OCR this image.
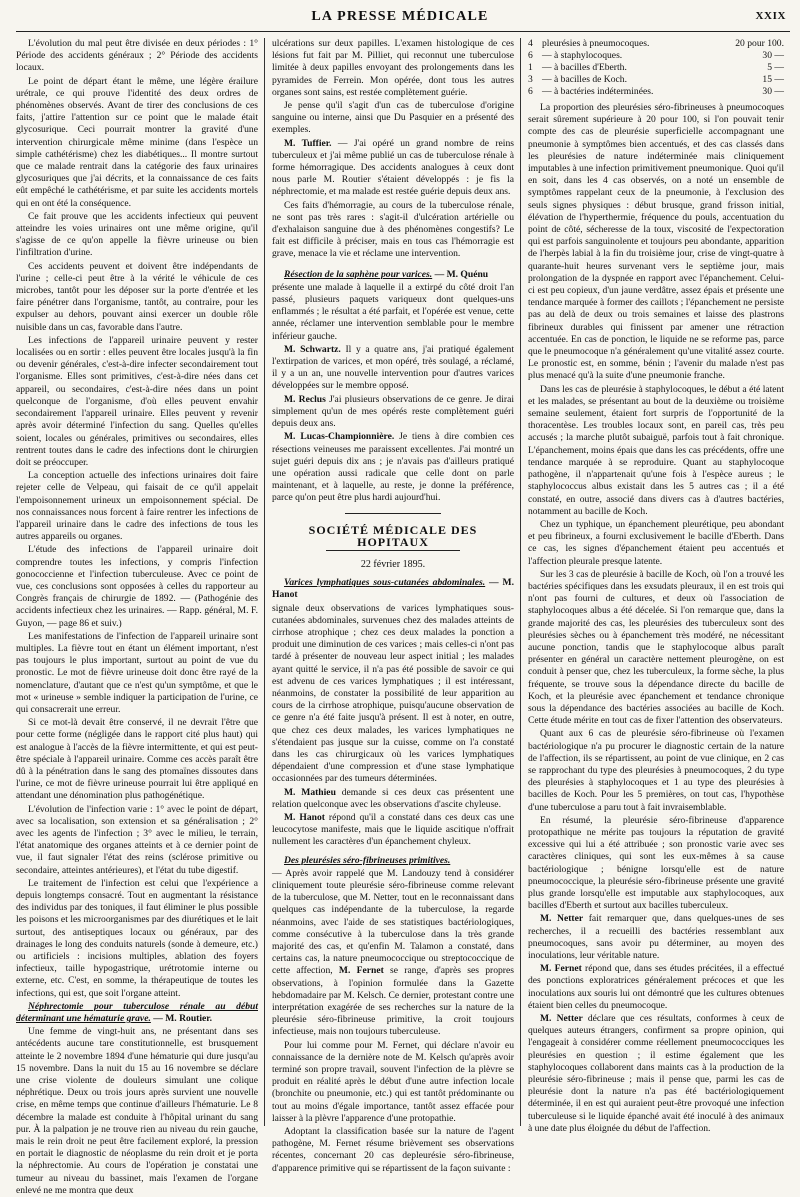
LA PRESSE MÉDICALE	XXIX

L'évolution du mal peut être divisée en deux périodes : 1° Période des accidents généraux ; 2° Période des accidents locaux.

Le point de départ étant le même, une légère érailure urétrale, ce qui prouve l'identité des deux ordres de phénomènes observés. Avant de tirer des conclusions de ces faits, j'attire l'attention sur ce point que le malade était glycosurique. Ceci pourrait montrer la gravité d'une intervention chirurgicale même minime (dans l'espèce un simple cathétérisme) chez les diabétiques... Il montre surtout que ce malade rentrait dans la catégorie des faux urinaires glycosuriques que j'ai décrits, et la connaissance de ces faits eût empêché le cathétérisme, et par suite les accidents mortels qui en ont été la conséquence.

Ce fait prouve que les accidents infectieux qui peuvent atteindre les voies urinaires ont une même origine, qu'il s'agisse de ce qu'on appelle la fièvre urineuse ou bien l'infiltration d'urine.

Ces accidents peuvent et doivent être indépendants de l'urine ; celle-ci peut être à la vérité le véhicule de ces microbes, tantôt pour les déposer sur la porte d'entrée et les faire pénétrer dans l'organisme, tantôt, au contraire, pour les expulser au dehors, pouvant ainsi exercer un double rôle nuisible dans un cas, favorable dans l'autre.

Les infections de l'appareil urinaire peuvent y rester localisées ou en sortir : elles peuvent être locales jusqu'à la fin ou devenir générales, c'est-à-dire infecter secondairement tout l'organisme. Elles sont primitives, c'est-à-dire nées dans cet appareil, ou secondaires, c'est-à-dire nées dans un point quelconque de l'organisme, d'où elles peuvent envahir secondairement l'appareil urinaire. Elles peuvent y revenir après avoir déterminé l'infection du sang. Quelles qu'elles soient, locales ou générales, primitives ou secondaires, elles rentrent toutes dans le cadre des infections dont le chirurgien doit se préoccuper.

La conception actuelle des infections urinaires doit faire rejeter celle de Velpeau, qui faisait de ce qu'il appelait l'empoisonnement urineux un empoisonnement spécial. De nos connaissances nous forcent à faire rentrer les infections de l'appareil urinaire dans le cadre des infections de tous les autres appareils ou organes.

L'étude des infections de l'appareil urinaire doit comprendre toutes les infections, y compris l'infection gonococcienne et l'infection tuberculeuse. Avec ce point de vue, ces conclusions sont opposées à celles du rapporteur au Congrès français de chirurgie de 1892. — (Pathogénie des accidents infectieux chez les urinaires. — Rapp. général, M. F. Guyon, — page 86 et suiv.)

Les manifestations de l'infection de l'appareil urinaire sont multiples. La fièvre tout en étant un élément important, n'est pas toujours le plus important, surtout au point de vue du pronostic. Le mot de fièvre urineuse doit donc être rayé de la nomenclature, d'autant que ce n'est qu'un symptôme, et que le mot « urineuse » semble indiquer la participation de l'urine, ce qui consacrerait une erreur.

Si ce mot-là devait être conservé, il ne devrait l'être que pour cette forme (négligée dans le rapport cité plus haut) qui est analogue à l'accès de la fièvre intermittente, et qui est peut-être spéciale à l'appareil urinaire. Comme ces accès paraît être dû à la pénétration dans le sang des ptomaïnes dissoutes dans l'urine, ce mot de fièvre urineuse pourrait lui être appliqué en attendant une dénomination plus pathogénétique.

L'évolution de l'infection varie : 1° avec le point de départ, avec sa localisation, son extension et sa généralisation ; 2° avec les agents de l'infection ; 3° avec le milieu, le terrain, l'état anatomique des organes atteints et à ce dernier point de vue, il faut signaler l'état des reins (sclérose primitive ou secondaire, atteintes antérieures), et l'état du tube digestif.

Le traitement de l'infection est celui que l'expérience a depuis longtemps consacré. Tout en augmentant la résistance des individus par des toniques, il faut éliminer le plus possible les poisons et les microorganismes par des diurétiques et le lait surtout, des antiseptiques locaux ou généraux, par des drainages le long des conduits naturels (sonde à demeure, etc.) ou artificiels : incisions multiples, ablation des foyers infectieux, taille hypogastrique, urétrotomie interne ou externe, etc. C'est, en somme, la thérapeutique de toutes les infections, qui est, que soit l'organe atteint.

Néphrectomie pour tuberculose rénale au début déterminant une hématurie grave. — M. Routier.

Une femme de vingt-huit ans, ne présentant dans ses antécédents aucune tare constitutionnelle, est brusquement atteinte le 2 novembre 1894 d'une hématurie qui dure jusqu'au 15 novembre. Dans la nuit du 15 au 16 novembre se déclare une crise violente de douleurs simulant une colique néphrétique. Deux ou trois jours après survient une nouvelle crise, en même temps que continue d'ailleurs l'hématurie. Le 8 décembre la malade est conduite à l'hôpital urinant du sang pur. À la palpation je ne trouve rien au niveau du rein gauche, mais le rein droit ne peut être facilement exploré, la pression en portait le diagnostic de néoplasme du rein droit et je porta la néphrectomie. Au cours de l'opération je constatai une tumeur au niveau du bassinet, mais l'examen de l'organe enlevé ne me montra que deux

ulcérations sur deux papilles. L'examen histologique de ces lésions fut fait par M. Pilliet, qui reconnut une tuberculose limitée à deux papilles envoyant des prolongements dans les pyramides de Ferrein. Mon opérée, dont tous les autres organes sont sains, est restée complètement guérie.

Je pense qu'il s'agit d'un cas de tuberculose d'origine sanguine ou interne, ainsi que Du Pasquier en a présenté des exemples.

M. Tuffier. — J'ai opéré un grand nombre de reins tuberculeux et j'ai même publié un cas de tuberculose rénale à forme hémorragique. Des accidents analogues à ceux dont nous parle M. Routier s'étaient développés : je fis la néphrectomie, et ma malade est restée guérie depuis deux ans.

Ces faits d'hémorragie, au cours de la tuberculose rénale, ne sont pas très rares : s'agit-il d'ulcération artérielle ou d'exhalaison sanguine due à des phénomènes congestifs? Le fait est difficile à préciser, mais en tous cas l'hémorragie est grave, menace la vie et réclame une intervention.

Résection de la saphène pour varices. — M. Quénu

présente une malade à laquelle il a extirpé du côté droit l'an passé, plusieurs paquets variqueux dont quelques-uns enflammés ; le résultat a été parfait, et l'opérée est venue, cette année, réclamer une intervention semblable pour le membre inférieur gauche.

M. Schwartz. Il y a quatre ans, j'ai pratiqué également l'extirpation de varices, et mon opéré, très soulagé, a réclamé, il y a un an, une nouvelle intervention pour d'autres varices développées sur le membre opposé.

M. Reclus J'ai plusieurs observations de ce genre. Je dirai simplement qu'un de mes opérés reste complètement guéri depuis deux ans.

M. Lucas-Championnière. Je tiens à dire combien ces résections veineuses me paraissent excellentes. J'ai montré un sujet guéri depuis dix ans ; je n'avais pas d'ailleurs pratiqué une opération aussi radicale que celle dont on parle maintenant, et à laquelle, au reste, je donne la préférence, parce qu'on peut être plus hardi aujourd'hui.

SOCIÉTÉ MÉDICALE DES HOPITAUX
22 février 1895.

Varices lymphatiques sous-cutanées abdominales. — M. Hanot

signale deux observations de varices lymphatiques sous-cutanées abdominales, survenues chez des malades atteints de cirrhose atrophique ; chez ces deux malades la ponction a produit une diminution de ces varices ; mais celles-ci n'ont pas tardé à présenter de nouveau leur aspect initial ; les malades ayant quitté le service, il n'a pas été possible de savoir ce qui est advenu de ces varices lymphatiques ; il est intéressant, néanmoins, de constater la possibilité de leur apparition au cours de la cirrhose atrophique, puisqu'aucune observation de ce genre n'a été faite jusqu'à présent. Il est à noter, en outre, que chez ces deux malades, les varices lymphatiques ne s'étendaient pas jusque sur la cuisse, comme on l'a constaté dans les cas chirurgicaux où les varices lymphatiques dépendaient d'une compression et d'une stase lymphatique occasionnées par des tumeurs déterminées.

M. Mathieu demande si ces deux cas présentent une relation quelconque avec les observations d'ascite chyleuse.

M. Hanot répond qu'il a constaté dans ces deux cas une leucocytose manifeste, mais que le liquide ascitique n'offrait nullement les caractères d'un épanchement chyleux.

Des pleurésies séro-fibrineuses primitives.

— Après avoir rappelé que M. Landouzy tend à considérer cliniquement toute pleurésie séro-fibrineuse comme relevant de la tuberculose, que M. Netter, tout en le reconnaissant dans quelques cas indépendante de la tuberculose, la regarde néanmoins, avec l'aide de ses statistiques bactériologiques, comme consécutive à la tuberculose dans la très grande majorité des cas, et qu'enfin M. Talamon a constaté, dans certains cas, la nature pneumococcique ou streptococcique de cette affection, M. Fernet se range, d'après ses propres observations, à l'opinion formulée dans la Gazette hebdomadaire par M. Kelsch. Ce dernier, protestant contre une interprétation exagérée de ses recherches sur la nature de la pleurésie séro-fibrineuse primitive, la croit toujours infectieuse, mais non toujours tuberculeuse.

Pour lui comme pour M. Fernet, qui déclare n'avoir eu connaissance de la dernière note de M. Kelsch qu'après avoir terminé son propre travail, souvent l'infection de la plèvre se produit en réalité après le début d'une autre infection locale (bronchite ou pneumonie, etc.) qui est tantôt prédominante ou tout au moins d'égale importance, tantôt assez effacée pour laisser à la plèvre l'apparence d'une protopathie.

Adoptant la classification basée sur la nature de l'agent pathogène, M. Fernet résume brièvement ses observations récentes, concernant 20 cas depleurésie séro-fibrineuse, d'apparence primitive qui se répartissent de la façon suivante :

4	pleurésies à pneumocoques.	20 pour 100.
6	— à staphylocoques.	30 —
1	— à bacilles d'Eberth.	5 —
3	— à bacilles de Koch.	15 —
6	— à bactéries indéterminées.	30 —

La proportion des pleurésies séro-fibrineuses à pneumocoques serait sûrement supérieure à 20 pour 100, si l'on pouvait tenir compte des cas de pleurésie superficielle accompagnant une pneumonie à symptômes bien accentués, et des cas classés dans les pleurésies de nature indéterminée mais cliniquement imputables à une infection primitivement pneumonique. Quoi qu'il en soit, dans les 4 cas observés, on a noté un ensemble de symptômes rappelant ceux de la pneumonie, à l'exclusion des seuls signes physiques : début brusque, grand frisson initial, élévation de l'hyperthermie, fréquence du pouls, accentuation du point de côté, sécheresse de la toux, viscosité de l'expectoration qui est parfois sanguinolente et toujours peu abondante, apparition de l'herpès labial à la fin du troisième jour, crise de vingt-quatre à quarante-huit heures survenant vers le septième jour, mais prolongation de la dyspnée en rapport avec l'épanchement. Celui-ci est peu copieux, d'un jaune verdâtre, assez épais et présente une tendance marquée à former des caillots ; l'épanchement ne persiste pas au delà de deux ou trois semaines et laisse des plastrons fibrineux durables qui finissent par amener une rétraction accentuée. En cas de ponction, le liquide ne se reforme pas, parce que le pneumocoque n'a généralement qu'une vitalité assez courte. Le pronostic est, en somme, bénin ; l'avenir du malade n'est pas plus menacé qu'à la suite d'une pneumonie franche.

Dans les cas de pleurésie à staphylocoques, le début a été latent et les malades, se présentant au bout de la deuxième ou troisième semaine seulement, étaient fort surpris de l'opportunité de la thoracentèse. Les troubles locaux sont, en pareil cas, très peu accusés ; la marche plutôt subaiguë, parfois tout à fait chronique. L'épanchement, moins épais que dans les cas précédents, offre une tendance marquée à se reproduire. Quant au staphylocoque pathogène, il n'appartenait qu'une fois à l'espèce aureus ; le staphylococcus albus existait dans les 5 autres cas ; il a été constaté, en outre, associé dans divers cas à d'autres bactéries, notamment au bacille de Koch.

Chez un typhique, un épanchement pleurétique, peu abondant et peu fibrineux, a fourni exclusivement le bacille d'Eberth. Dans ce cas, les signes d'épanchement étaient peu accentués et l'affection pleurale presque latente.

Sur les 3 cas de pleurésie à bacille de Koch, où l'on a trouvé les bactéries spécifiques dans les exsudats pleuraux, il en est trois qui n'ont pas fourni de cultures, et deux où l'association de staphylocoques albus a été décelée. Si l'on remarque que, dans la grande majorité des cas, les pleurésies des tuberculeux sont des pleurésies sèches ou à épanchement très modéré, ne nécessitant aucune ponction, tandis que le staphylocoque albus paraît présenter en général un caractère nettement pleurogène, on est conduit à penser que, chez les tuberculeux, la forme sèche, la plus fréquente, se trouve sous la dépendance directe du bacille de Koch, et la pleurésie avec épanchement et tendance chronique sous la dépendance des bactéries associées au bacille de Koch. Cette étude mérite en tout cas de fixer l'attention des observateurs.

Quant aux 6 cas de pleurésie séro-fibrineuse où l'examen bactériologique n'a pu procurer le diagnostic certain de la nature de l'affection, ils se répartissent, au point de vue clinique, en 2 cas se rapprochant du type des pleurésies à pneumocoques, 2 du type des pleurésies à staphylocoques et 1 au type des pleurésies à bacilles de Koch. Pour les 5 premières, on tout cas, l'hypothèse d'une tuberculose a paru tout à fait invraisemblable.

En résumé, la pleurésie séro-fibrineuse d'apparence protopathique ne mérite pas toujours la réputation de gravité excessive qui lui a été attribuée ; son pronostic varie avec ses caractères cliniques, qui sont les eux-mêmes à sa cause bactériologique ; bénigne lorsqu'elle est de nature pneumococcique, la pleurésie séro-fibrineuse présente une gravité plus grande lorsqu'elle est imputable aux staphylocoques, aux bacilles d'Eberth et surtout aux bacilles tuberculeux.

M. Netter fait remarquer que, dans quelques-unes de ses recherches, il a recueilli des bactéries ressemblant aux pneumocoques, sans avoir pu déterminer, au moyen des inoculations, leur véritable nature.

M. Fernet répond que, dans ses études précitées, il a effectué des ponctions exploratrices généralement précoces et que les inoculations aux souris lui ont démontré que les cultures obtenues étaient bien celles du pneumocoque.

M. Netter déclare que ces résultats, conformes à ceux de quelques auteurs étrangers, confirment sa propre opinion, qui l'engageait à considérer comme réellement pneumococciques les pleurésies en question ; il estime également que les staphylocoques collaborent dans maints cas à la production de la pleurésie séro-fibrineuse ; mais il pense que, parmi les cas de pleurésie dont la nature n'a pas été bactériologiquement déterminée, il en est qui auraient peut-être provoqué une infection tuberculeuse si le liquide épanché avait été inoculé à des animaux à une date plus éloignée du début de l'affection.
